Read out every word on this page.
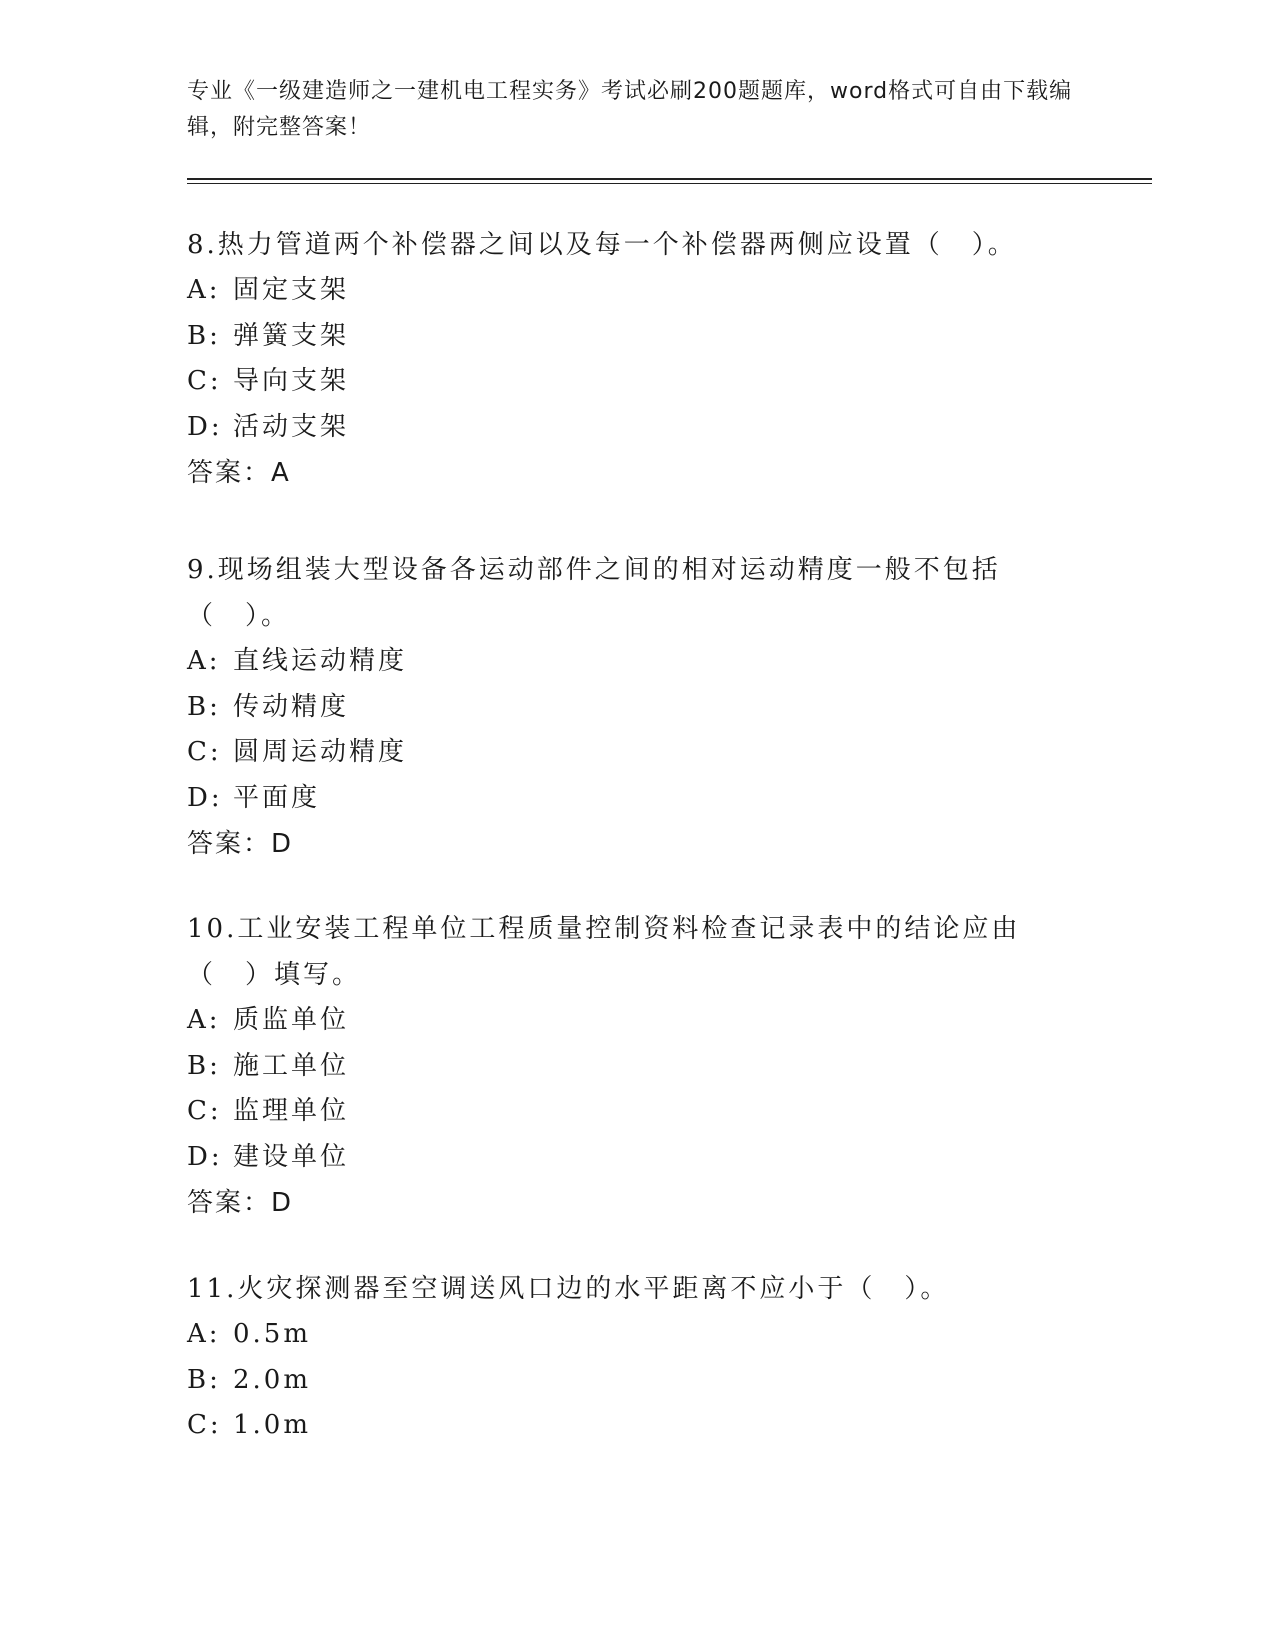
专业《一级建造师之一建机电工程实务》考试必刷200题题库，word格式可自由下载编辑，附完整答案！

8.热力管道两个补偿器之间以及每一个补偿器两侧应设置（　）。

A: 固定支架
B: 弹簧支架
C: 导向支架
D: 活动支架
答案：A

9.现场组装大型设备各运动部件之间的相对运动精度一般不包括（　）。

A: 直线运动精度
B: 传动精度
C: 圆周运动精度
D: 平面度
答案：D

10.工业安装工程单位工程质量控制资料检查记录表中的结论应由（　）填写。

A: 质监单位
B: 施工单位
C: 监理单位
D: 建设单位
答案：D

11.火灾探测器至空调送风口边的水平距离不应小于（　）。

A: 0.5m
B: 2.0m
C: 1.0m
